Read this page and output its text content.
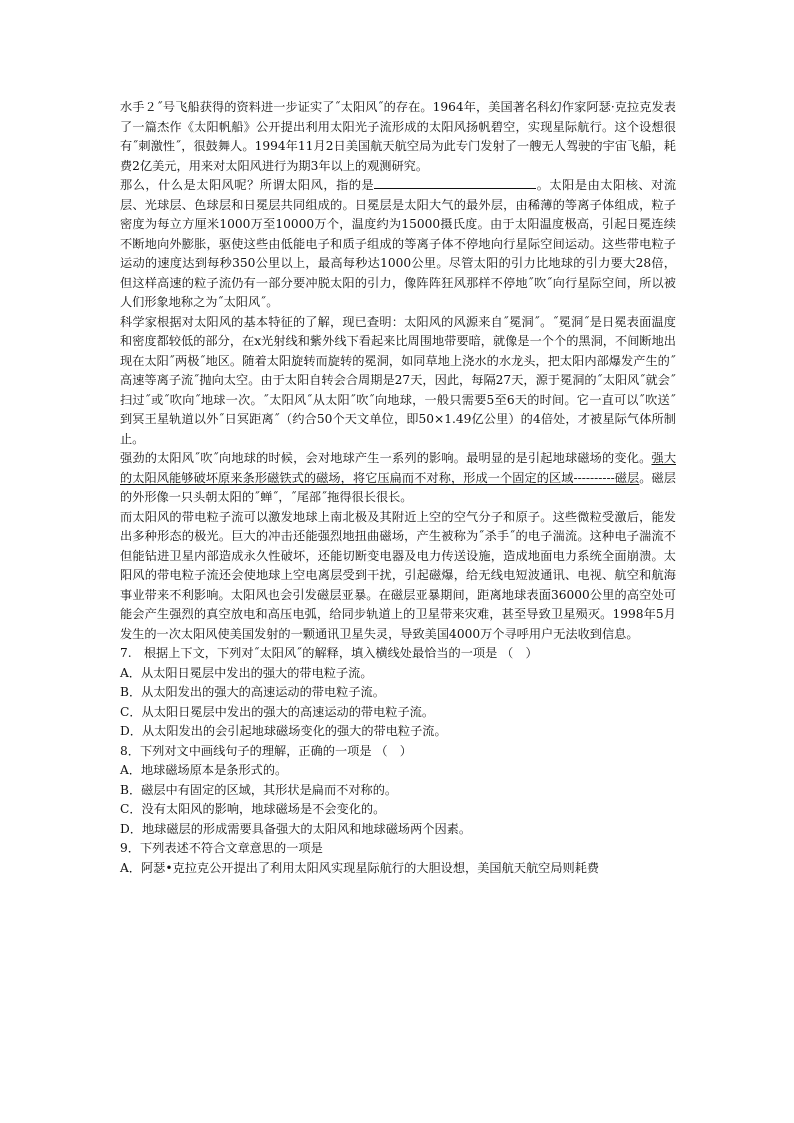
水手２˝号飞船获得的资料进一步证实了˝太阳风˝的存在。1964年，美国著名科幻作家阿瑟·克拉克发表了一篇杰作《太阳帆船》公开提出利用太阳光子流形成的太阳风扬帆碧空，实现星际航行。这个设想很有˝刺激性˝，很鼓舞人。1994年11月2日美国航天航空局为此专门发射了一艘无人驾驶的宇宙飞船，耗费2亿美元，用来对太阳风进行为期3年以上的观测研究。

那么，什么是太阳风呢？所谓太阳风，指的是	。太阳是由太阳核、对流层、光球层、色球层和日冕层共同组成的。日冕层是太阳大气的最外层，由稀薄的等离子体组成，粒子密度为每立方厘米1000万至10000万个，温度约为15000摄氏度。由于太阳温度极高，引起日冕连续不断地向外膨胀，驱使这些由低能电子和质子组成的等离子体不停地向行星际空间运动。这些带电粒子运动的速度达到每秒350公里以上，最高每秒达1000公里。尽管太阳的引力比地球的引力要大28倍，但这样高速的粒子流仍有一部分要冲脱太阳的引力，像阵阵狂风那样不停地˝吹˝向行星际空间，所以被人们形象地称之为˝太阳风˝。

科学家根据对太阳风的基本特征的了解，现已查明：太阳风的风源来自˝冕洞˝。˝冕洞˝是日冕表面温度和密度都较低的部分，在x光射线和紫外线下看起来比周围地带要暗，就像是一个个的黑洞，不间断地出现在太阳˝两极˝地区。随着太阳旋转而旋转的冕洞，如同草地上浇水的水龙头，把太阳内部爆发产生的˝高速等离子流˝抛向太空。由于太阳自转会合周期是27天，因此，每隔27天，源于冕洞的˝太阳风˝就会˝扫过˝或˝吹向˝地球一次。˝太阳风˝从太阳˝吹˝向地球，一般只需要5至6天的时间。它一直可以˝吹送˝到冥王星轨道以外˝日冥距离˝（约合50个天文单位，即50×1.49亿公里）的4倍处，才被星际气体所制止。

强劲的太阳风˝吹˝向地球的时候，会对地球产生一系列的影响。最明显的是引起地球磁场的变化。强大的太阳风能够破坏原来条形磁铁式的磁场，将它压扁而不对称，形成一个固定的区域----------磁层。磁层的外形像一只头朝太阳的˝蝉˝，˝尾部˝拖得很长很长。

而太阳风的带电粒子流可以激发地球上南北极及其附近上空的空气分子和原子。这些微粒受激后，能发出多种形态的极光。巨大的冲击还能强烈地扭曲磁场，产生被称为˝杀手˝的电子湍流。这种电子湍流不但能钻进卫星内部造成永久性破坏，还能切断变电器及电力传送设施，造成地面电力系统全面崩溃。太阳风的带电粒子流还会使地球上空电离层受到干扰，引起磁爆，给无线电短波通讯、电视、航空和航海事业带来不利影响。太阳风也会引发磁层亚暴。在磁层亚暴期间，距离地球表面36000公里的高空处可能会产生强烈的真空放电和高压电弧，给同步轨道上的卫星带来灾难，甚至导致卫星殒灭。1998年5月发生的一次太阳风使美国发射的一颗通讯卫星失灵，导致美国4000万个寻呼用户无法收到信息。

7.　根据上下文，下列对˝太阳风˝的解释，填入横线处最恰当的一项是 （　）

A．从太阳日冕层中发出的强大的带电粒子流。

B．从太阳发出的强大的高速运动的带电粒子流。

C．从太阳日冕层中发出的强大的高速运动的带电粒子流。

D．从太阳发出的会引起地球磁场变化的强大的带电粒子流。

8．下列对文中画线句子的理解，正确的一项是 （　）

A．地球磁场原本是条形式的。

B．磁层中有固定的区域，其形状是扁而不对称的。

C．没有太阳风的影响，地球磁场是不会变化的。

D．地球磁层的形成需要具备强大的太阳风和地球磁场两个因素。

9．下列表述不符合文章意思的一项是

A．阿瑟•克拉克公开提出了利用太阳风实现星际航行的大胆设想，美国航天航空局则耗费
